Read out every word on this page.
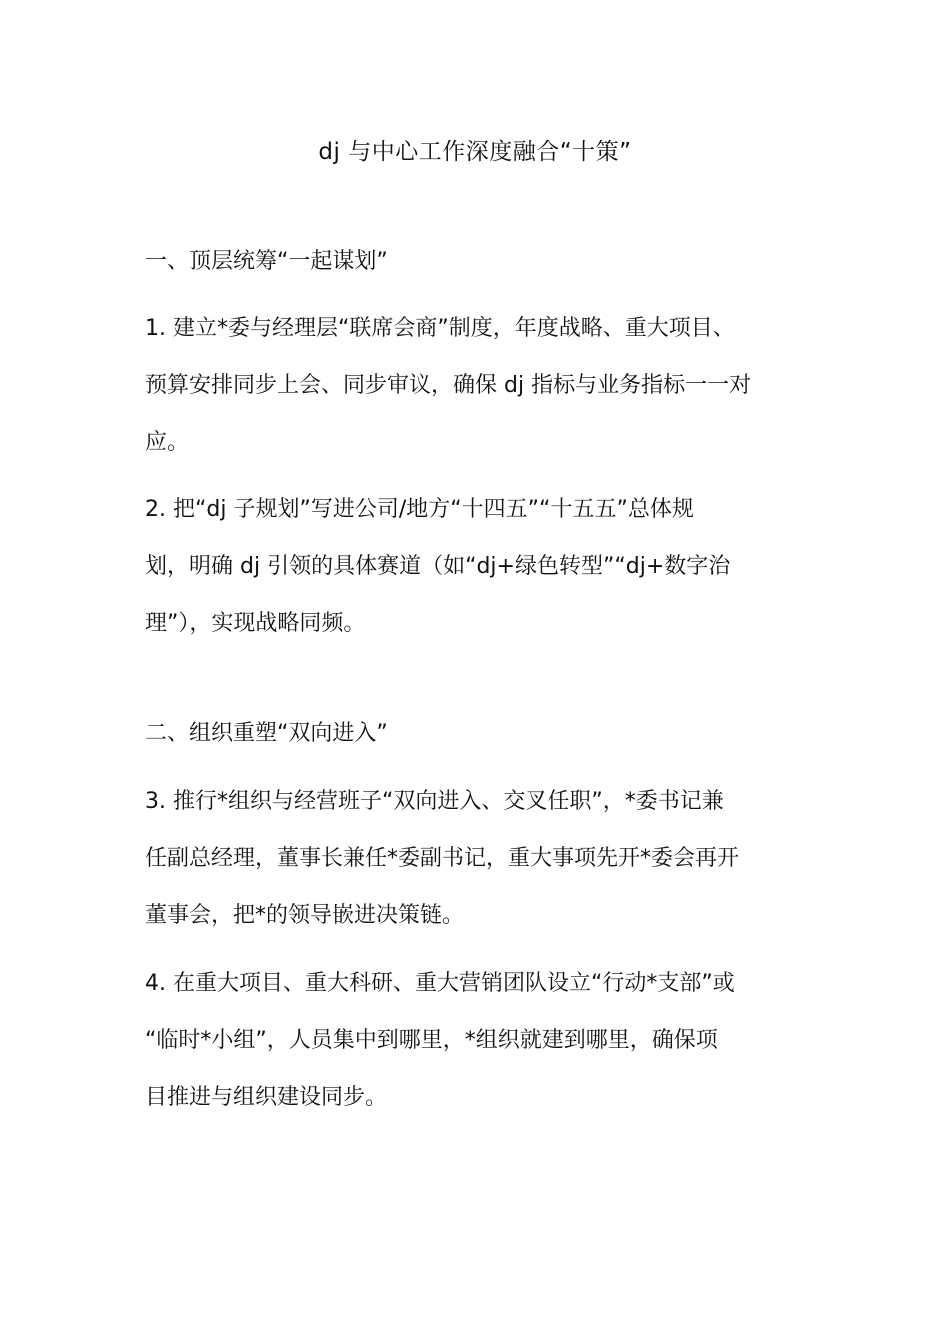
dj 与中心工作深度融合“十策”
一、顶层统筹“一起谋划”
1. 建立*委与经理层“联席会商”制度，年度战略、重大项目、
预算安排同步上会、同步审议，确保 dj 指标与业务指标一一对
应。
2. 把“dj 子规划”写进公司/地方“十四五”“十五五”总体规
划，明确 dj 引领的具体赛道（如“dj+绿色转型”“dj+数字治
理”），实现战略同频。
二、组织重塑“双向进入”
3. 推行*组织与经营班子“双向进入、交叉任职”，*委书记兼
任副总经理，董事长兼任*委副书记，重大事项先开*委会再开
董事会，把*的领导嵌进决策链。
4. 在重大项目、重大科研、重大营销团队设立“行动*支部”或
“临时*小组”，人员集中到哪里，*组织就建到哪里，确保项
目推进与组织建设同步。
